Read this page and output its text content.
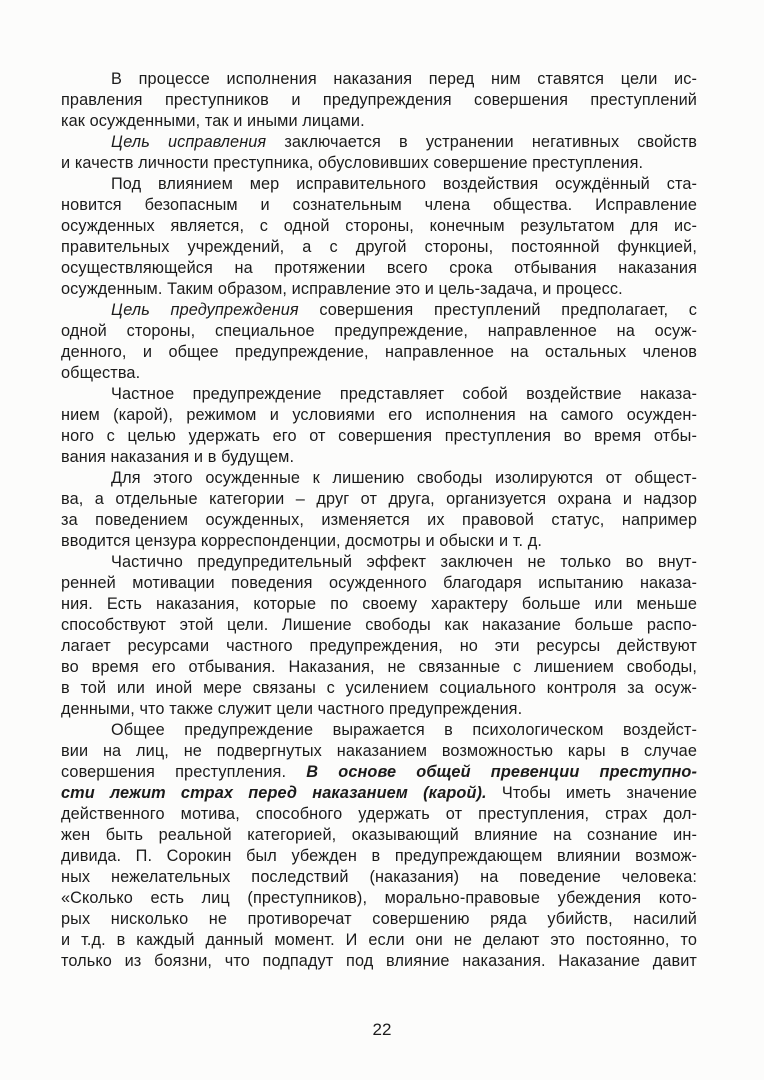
В процессе исполнения наказания перед ним ставятся цели ис-
правления преступников и предупреждения совершения преступлений
как осужденными, так и иными лицами.
Цель исправления заключается в устранении негативных свойств
и качеств личности преступника, обусловивших совершение преступления.
Под влиянием мер исправительного воздействия осуждённый ста-
новится безопасным и сознательным члена общества. Исправление
осужденных является, с одной стороны, конечным результатом для ис-
правительных учреждений, а с другой стороны, постоянной функцией,
осуществляющейся на протяжении всего срока отбывания наказания
осужденным. Таким образом, исправление это и цель-задача, и процесс.
Цель предупреждения совершения преступлений предполагает, с
одной стороны, специальное предупреждение, направленное на осуж-
денного, и общее предупреждение, направленное на остальных членов
общества.
Частное предупреждение представляет собой воздействие наказа-
нием (карой), режимом и условиями его исполнения на самого осужден-
ного с целью удержать его от совершения преступления во время отбы-
вания наказания и в будущем.
Для этого осужденные к лишению свободы изолируются от общест-
ва, а отдельные категории – друг от друга, организуется охрана и надзор
за поведением осужденных, изменяется их правовой статус, например
вводится цензура корреспонденции, досмотры и обыски и т. д.
Частично предупредительный эффект заключен не только во внут-
ренней мотивации поведения осужденного благодаря испытанию наказа-
ния. Есть наказания, которые по своему характеру больше или меньше
способствуют этой цели. Лишение свободы как наказание больше распо-
лагает ресурсами частного предупреждения, но эти ресурсы действуют
во время его отбывания. Наказания, не связанные с лишением свободы,
в той или иной мере связаны с усилением социального контроля за осуж-
денными, что также служит цели частного предупреждения.
Общее предупреждение выражается в психологическом воздейст-
вии на лиц, не подвергнутых наказанием возможностью кары в случае
совершения преступления. В основе общей превенции преступно-
сти лежит страх перед наказанием (карой). Чтобы иметь значение
действенного мотива, способного удержать от преступления, страх дол-
жен быть реальной категорией, оказывающий влияние на сознание ин-
дивида. П. Сорокин был убежден в предупреждающем влиянии возмож-
ных нежелательных последствий (наказания) на поведение человека:
«Сколько есть лиц (преступников), морально-правовые убеждения кото-
рых нисколько не противоречат совершению ряда убийств, насилий
и т.д. в каждый данный момент. И если они не делают это постоянно, то
только из боязни, что подпадут под влияние наказания. Наказание давит
22
